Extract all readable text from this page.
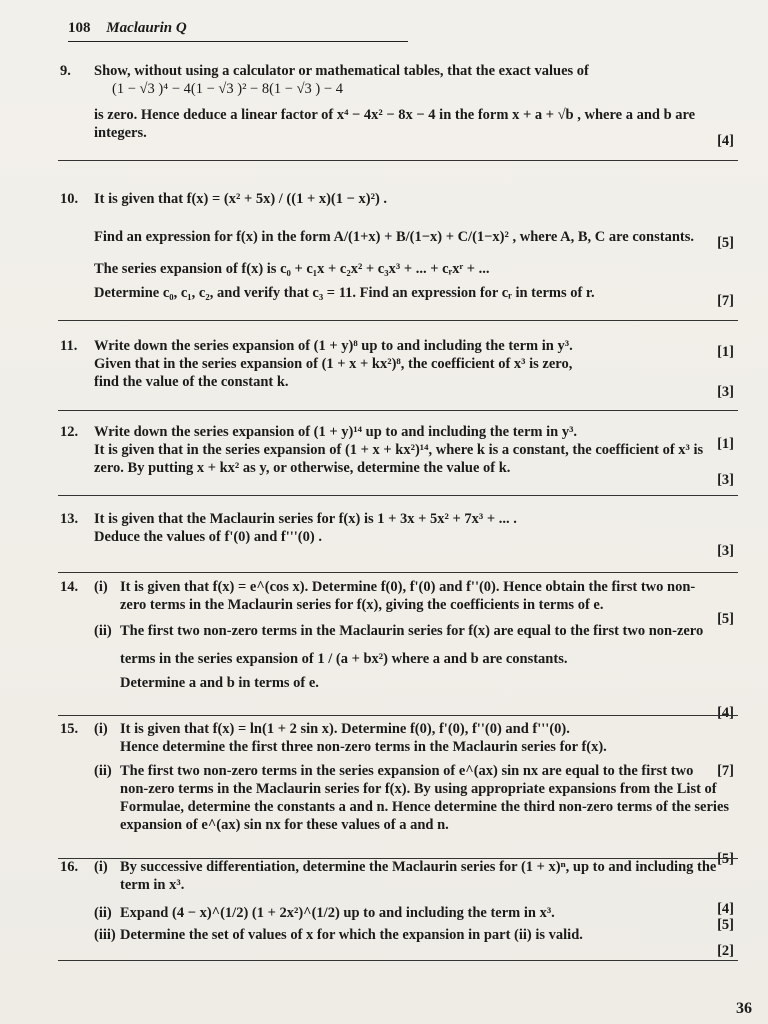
108 Maclaurin Q
9.	Show, without using a calculator or mathematical tables, that the exact values of
(1 − √3 )⁴ − 4(1 − √3 )² − 8(1 − √3 ) − 4
is zero. Hence deduce a linear factor of x⁴ − 4x² − 8x − 4 in the form x + a + √b , where a and b are
integers.	[4]
10.	It is given that f(x) = (x² + 5x) / ((1 + x)(1 − x)²) .
Find an expression for f(x) in the form A/(1+x) + B/(1−x) + C/(1−x)² , where A, B, C are constants.
The series expansion of f(x) is c₀ + c₁x + c₂x² + c₃x³ + ... + cᵣxʳ + ...
Determine c₀, c₁, c₂, and verify that c₃ = 11. Find an expression for cᵣ in terms of r.
[5]
[7]
11.	Write down the series expansion of (1 + y)⁸ up to and including the term in y³.
Given that in the series expansion of (1 + x + kx²)⁸, the coefficient of x³ is zero,
find the value of the constant k.
[1]
[3]
12.	Write down the series expansion of (1 + y)¹⁴ up to and including the term in y³.
It is given that in the series expansion of (1 + x + kx²)¹⁴, where k is a constant, the coefficient of x³ is
zero. By putting x + kx² as y, or otherwise, determine the value of k.
[1]
[3]
13.	It is given that the Maclaurin series for f(x) is 1 + 3x + 5x² + 7x³ + ... .
Deduce the values of f'(0) and f'''(0) .
[3]
14.	(i) It is given that f(x) = e^(cos x). Determine f(0), f'(0) and f''(0). Hence obtain the first two non-
zero terms in the Maclaurin series for f(x), giving the coefficients in terms of e.
[5]
(ii) The first two non-zero terms in the Maclaurin series for f(x) are equal to the first two non-zero
terms in the series expansion of 1 / (a + bx²) where a and b are constants.
Determine a and b in terms of e.
[4]
15.	(i) It is given that f(x) = ln(1 + 2 sin x). Determine f(0), f'(0), f''(0) and f'''(0).
Hence determine the first three non-zero terms in the Maclaurin series for f(x).
[7]
(ii) The first two non-zero terms in the series expansion of e^(ax) sin nx are equal to the first two
non-zero terms in the Maclaurin series for f(x). By using appropriate expansions from the List of
Formulae, determine the constants a and n. Hence determine the third non-zero terms of the series
expansion of e^(ax) sin nx for these values of a and n.
[5]
16.	(i) By successive differentiation, determine the Maclaurin series for (1 + x)ⁿ, up to and including the
term in x³.
[4]
(ii) Expand (4 − x)^(1/2) (1 + 2x²)^(1/2) up to and including the term in x³.
[5]
(iii) Determine the set of values of x for which the expansion in part (ii) is valid.
[2]
36
